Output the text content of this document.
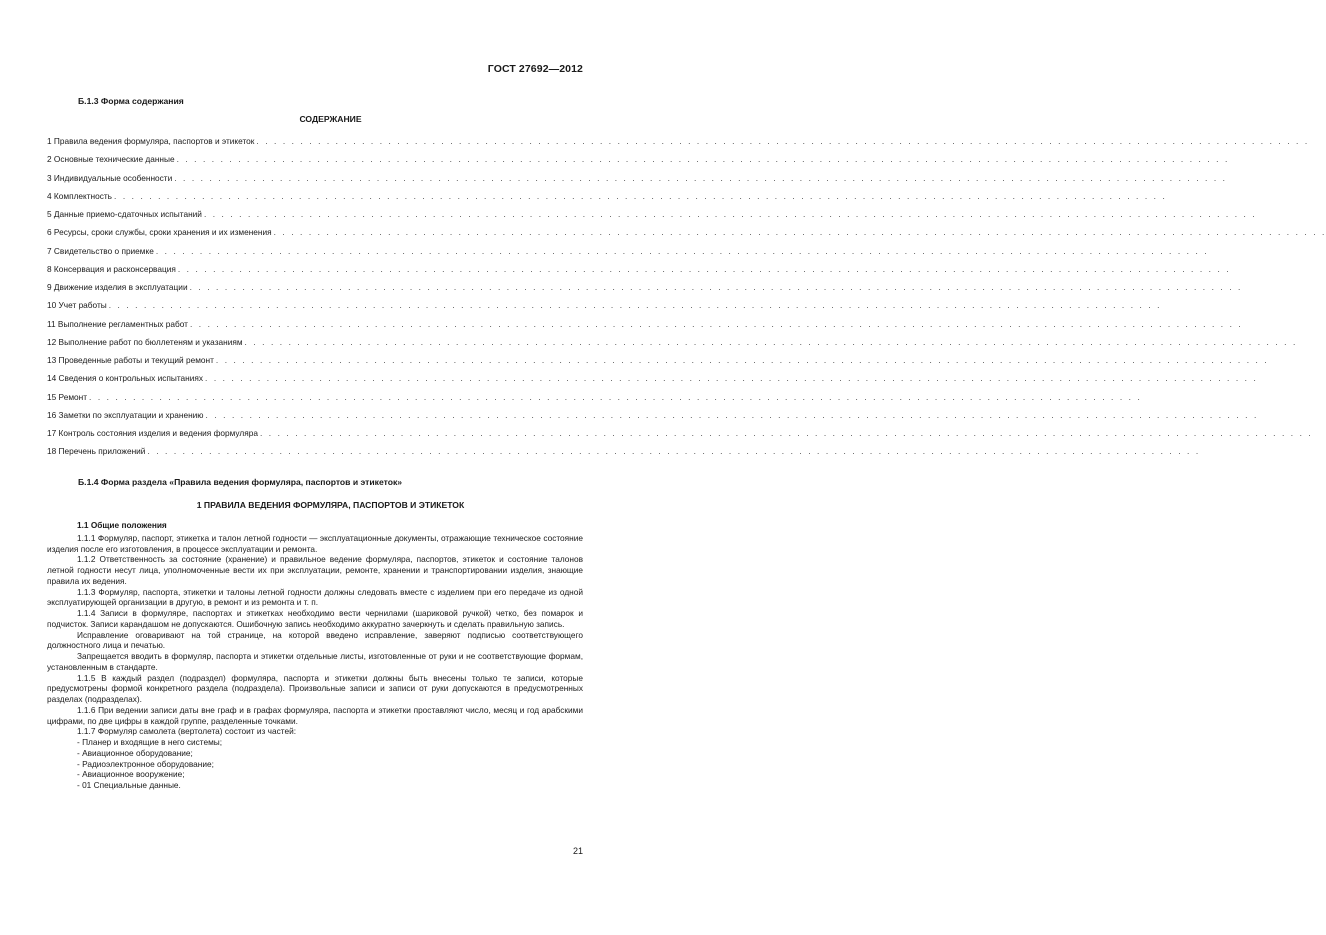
ГОСТ 27692—2012
Б.1.3 Форма содержания
СОДЕРЖАНИЕ
1 Правила ведения формуляра, паспортов и этикеток . . . . . . . . . . . . . . . . . . . . . . . . . . . . . . . . . . . . . . . . . . . . . . . . . . . . . . . . . . . . . . . . . . . . . . . . . . . . . . . . . . . . . . . . . . . . . . . . . . . . . . . . . . . . . . . . . . . . . . . .
2 Основные технические данные . . . . . . . . . . . . . . . . . . . . . . . . . . . . . . . . . . . . . . . . . . . . . . . . . . . . . . . . . . . . . . . . . . . . . . . . . . . . . . . . . . . . . . . . . . . . . . . . . . . . . . . . . . . . . . . . . . . . . . . .
3 Индивидуальные особенности . . . . . . . . . . . . . . . . . . . . . . . . . . . . . . . . . . . . . . . . . . . . . . . . . . . . . . . . . . . . . . . . . . . . . . . . . . . . . . . . . . . . . . . . . . . . . . . . . . . . . . . . . . . . . . . . . . . . . . . .
4 Комплектность . . . . . . . . . . . . . . . . . . . . . . . . . . . . . . . . . . . . . . . . . . . . . . . . . . . . . . . . . . . . . . . . . . . . . . . . . . . . . . . . . . . . . . . . . . . . . . . . . . . . . . . . . . . . . . . . . . . . . . . .
5 Данные приемо-сдаточных испытаний . . . . . . . . . . . . . . . . . . . . . . . . . . . . . . . . . . . . . . . . . . . . . . . . . . . . . . . . . . . . . . . . . . . . . . . . . . . . . . . . . . . . . . . . . . . . . . . . . . . . . . . . . . . . . . . . . . . . . . . .
6 Ресурсы, сроки службы, сроки хранения и их изменения . . . . . . . . . . . . . . . . . . . . . . . . . . . . . . . . . . . . . . . . . . . . . . . . . . . . . . . . . . . . . . . . . . . . . . . . . . . . . . . . . . . . . . . . . . . . . . . . . . . . . . . . . . . . . . . . . . . . . . . .
7 Свидетельство о приемке . . . . . . . . . . . . . . . . . . . . . . . . . . . . . . . . . . . . . . . . . . . . . . . . . . . . . . . . . . . . . . . . . . . . . . . . . . . . . . . . . . . . . . . . . . . . . . . . . . . . . . . . . . . . . . . . . . . . . . . .
8 Консервация и расконсервация . . . . . . . . . . . . . . . . . . . . . . . . . . . . . . . . . . . . . . . . . . . . . . . . . . . . . . . . . . . . . . . . . . . . . . . . . . . . . . . . . . . . . . . . . . . . . . . . . . . . . . . . . . . . . . . . . . . . . . . .
9 Движение изделия в эксплуатации . . . . . . . . . . . . . . . . . . . . . . . . . . . . . . . . . . . . . . . . . . . . . . . . . . . . . . . . . . . . . . . . . . . . . . . . . . . . . . . . . . . . . . . . . . . . . . . . . . . . . . . . . . . . . . . . . . . . . . . .
10 Учет работы . . . . . . . . . . . . . . . . . . . . . . . . . . . . . . . . . . . . . . . . . . . . . . . . . . . . . . . . . . . . . . . . . . . . . . . . . . . . . . . . . . . . . . . . . . . . . . . . . . . . . . . . . . . . . . . . . . . . . . . .
11 Выполнение регламентных работ . . . . . . . . . . . . . . . . . . . . . . . . . . . . . . . . . . . . . . . . . . . . . . . . . . . . . . . . . . . . . . . . . . . . . . . . . . . . . . . . . . . . . . . . . . . . . . . . . . . . . . . . . . . . . . . . . . . . . . . .
12 Выполнение работ по бюллетеням и указаниям . . . . . . . . . . . . . . . . . . . . . . . . . . . . . . . . . . . . . . . . . . . . . . . . . . . . . . . . . . . . . . . . . . . . . . . . . . . . . . . . . . . . . . . . . . . . . . . . . . . . . . . . . . . . . . . . . . . . . . . .
13 Проведенные работы и текущий ремонт . . . . . . . . . . . . . . . . . . . . . . . . . . . . . . . . . . . . . . . . . . . . . . . . . . . . . . . . . . . . . . . . . . . . . . . . . . . . . . . . . . . . . . . . . . . . . . . . . . . . . . . . . . . . . . . . . . . . . . . .
14 Сведения о контрольных испытаниях . . . . . . . . . . . . . . . . . . . . . . . . . . . . . . . . . . . . . . . . . . . . . . . . . . . . . . . . . . . . . . . . . . . . . . . . . . . . . . . . . . . . . . . . . . . . . . . . . . . . . . . . . . . . . . . . . . . . . . . .
15 Ремонт . . . . . . . . . . . . . . . . . . . . . . . . . . . . . . . . . . . . . . . . . . . . . . . . . . . . . . . . . . . . . . . . . . . . . . . . . . . . . . . . . . . . . . . . . . . . . . . . . . . . . . . . . . . . . . . . . . . . . . . .
16 Заметки по эксплуатации и хранению . . . . . . . . . . . . . . . . . . . . . . . . . . . . . . . . . . . . . . . . . . . . . . . . . . . . . . . . . . . . . . . . . . . . . . . . . . . . . . . . . . . . . . . . . . . . . . . . . . . . . . . . . . . . . . . . . . . . . . . .
17 Контроль состояния изделия и ведения формуляра . . . . . . . . . . . . . . . . . . . . . . . . . . . . . . . . . . . . . . . . . . . . . . . . . . . . . . . . . . . . . . . . . . . . . . . . . . . . . . . . . . . . . . . . . . . . . . . . . . . . . . . . . . . . . . . . . . . . . . . .
18 Перечень приложений . . . . . . . . . . . . . . . . . . . . . . . . . . . . . . . . . . . . . . . . . . . . . . . . . . . . . . . . . . . . . . . . . . . . . . . . . . . . . . . . . . . . . . . . . . . . . . . . . . . . . . . . . . . . . . . . . . . . . . . .
Б.1.4 Форма раздела «Правила ведения формуляра, паспортов и этикеток»
1 ПРАВИЛА ВЕДЕНИЯ ФОРМУЛЯРА, ПАСПОРТОВ И ЭТИКЕТОК

1.1 Общие положения

1.1.1 Формуляр, паспорт, этикетка и талон летной годности — эксплуатационные документы, отражающие техническое состояние изделия после его изготовления, в процессе эксплуатации и ремонта.

1.1.2 Ответственность за состояние (хранение) и правильное ведение формуляра, паспортов, этикеток и состояние талонов летной годности несут лица, уполномоченные вести их при эксплуатации, ремонте, хранении и транспортировании изделия, знающие правила их ведения.

1.1.3 Формуляр, паспорта, этикетки и талоны летной годности должны следовать вместе с изделием при его передаче из одной эксплуатирующей организации в другую, в ремонт и из ремонта и т. п.

1.1.4 Записи в формуляре, паспортах и этикетках необходимо вести чернилами (шариковой ручкой) четко, без помарок и подчисток. Записи карандашом не допускаются. Ошибочную запись необходимо аккуратно зачеркнуть и сделать правильную запись.

Исправление оговаривают на той странице, на которой введено исправление, заверяют подписью соответствующего должностного лица и печатью.

Запрещается вводить в формуляр, паспорта и этикетки отдельные листы, изготовленные от руки и не соответствующие формам, установленным в стандарте.

1.1.5 В каждый раздел (подраздел) формуляра, паспорта и этикетки должны быть внесены только те записи, которые предусмотрены формой конкретного раздела (подраздела). Произвольные записи и записи от руки допускаются в предусмотренных разделах (подразделах).

1.1.6 При ведении записи даты вне граф и в графах формуляра, паспорта и этикетки проставляют число, месяц и год арабскими цифрами, по две цифры в каждой группе, разделенные точками.

1.1.7 Формуляр самолета (вертолета) состоит из частей:

- Планер и входящие в него системы;

- Авиационное оборудование;

- Радиоэлектронное оборудование;

- Авиационное вооружение;

- 01 Специальные данные.

21
